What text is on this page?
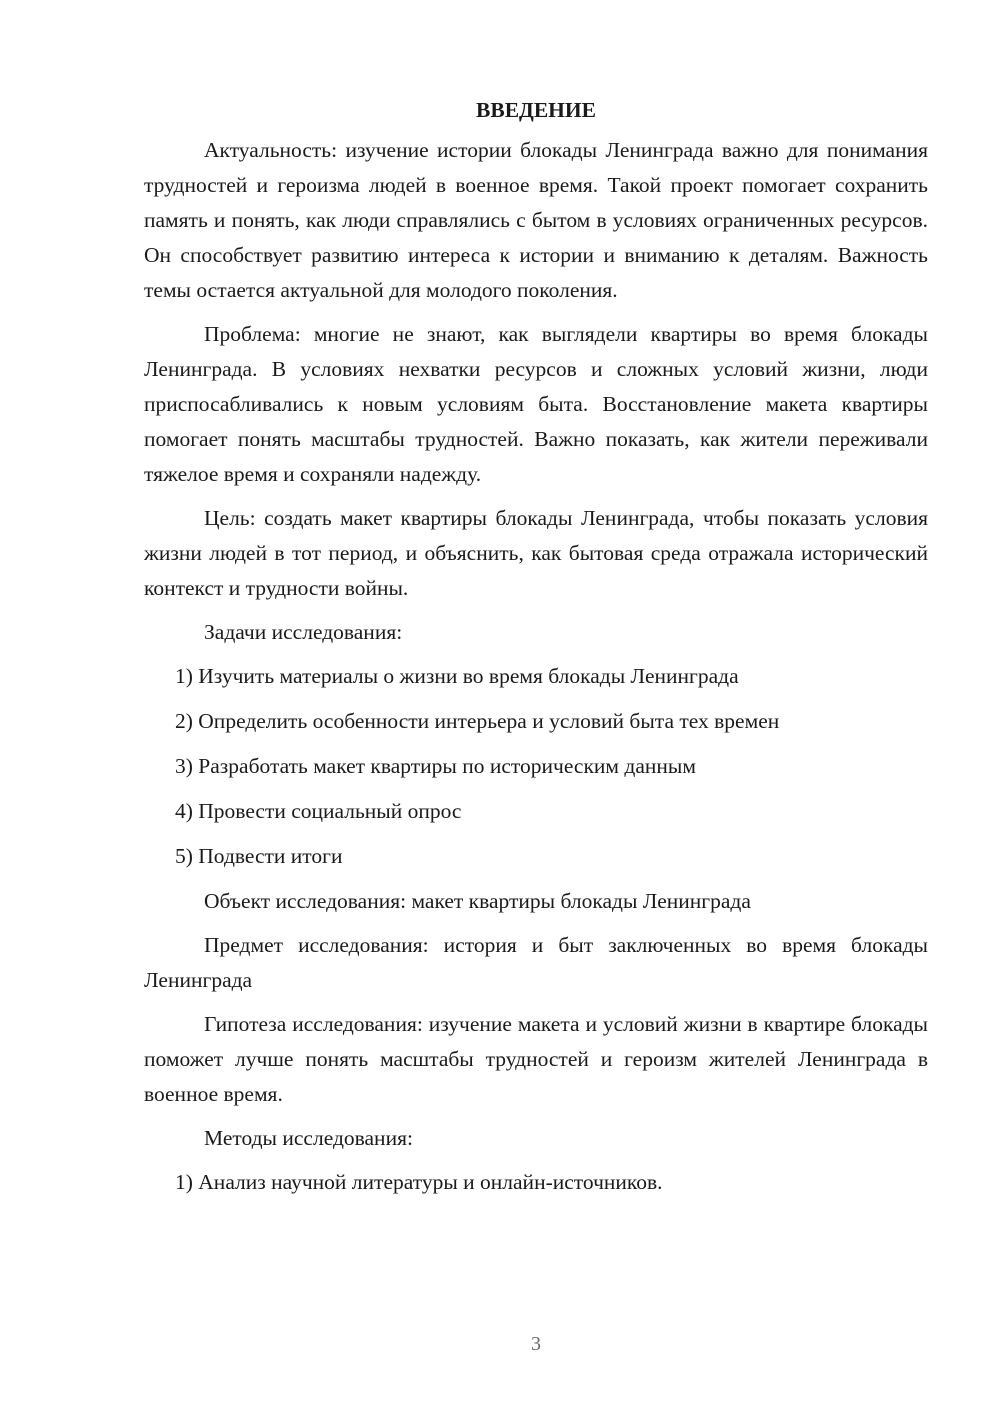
ВВЕДЕНИЕ

Актуальность: изучение истории блокады Ленинграда важно для понимания трудностей и героизма людей в военное время. Такой проект помогает сохранить память и понять, как люди справлялись с бытом в условиях ограниченных ресурсов. Он способствует развитию интереса к истории и вниманию к деталям. Важность темы остается актуальной для молодого поколения.

Проблема: многие не знают, как выглядели квартиры во время блокады Ленинграда. В условиях нехватки ресурсов и сложных условий жизни, люди приспосабливались к новым условиям быта. Восстановление макета квартиры помогает понять масштабы трудностей. Важно показать, как жители переживали тяжелое время и сохраняли надежду.

Цель: создать макет квартиры блокады Ленинграда, чтобы показать условия жизни людей в тот период, и объяснить, как бытовая среда отражала исторический контекст и трудности войны.

Задачи исследования:

1) Изучить материалы о жизни во время блокады Ленинграда
2) Определить особенности интерьера и условий быта тех времен
3) Разработать макет квартиры по историческим данным
4) Провести социальный опрос
5) Подвести итоги

Объект исследования: макет квартиры блокады Ленинграда

Предмет исследования: история и быт заключенных во время блокады Ленинграда

Гипотеза исследования: изучение макета и условий жизни в квартире блокады поможет лучше понять масштабы трудностей и героизм жителей Ленинграда в военное время.

Методы исследования:

1) Анализ научной литературы и онлайн-источников.
3
